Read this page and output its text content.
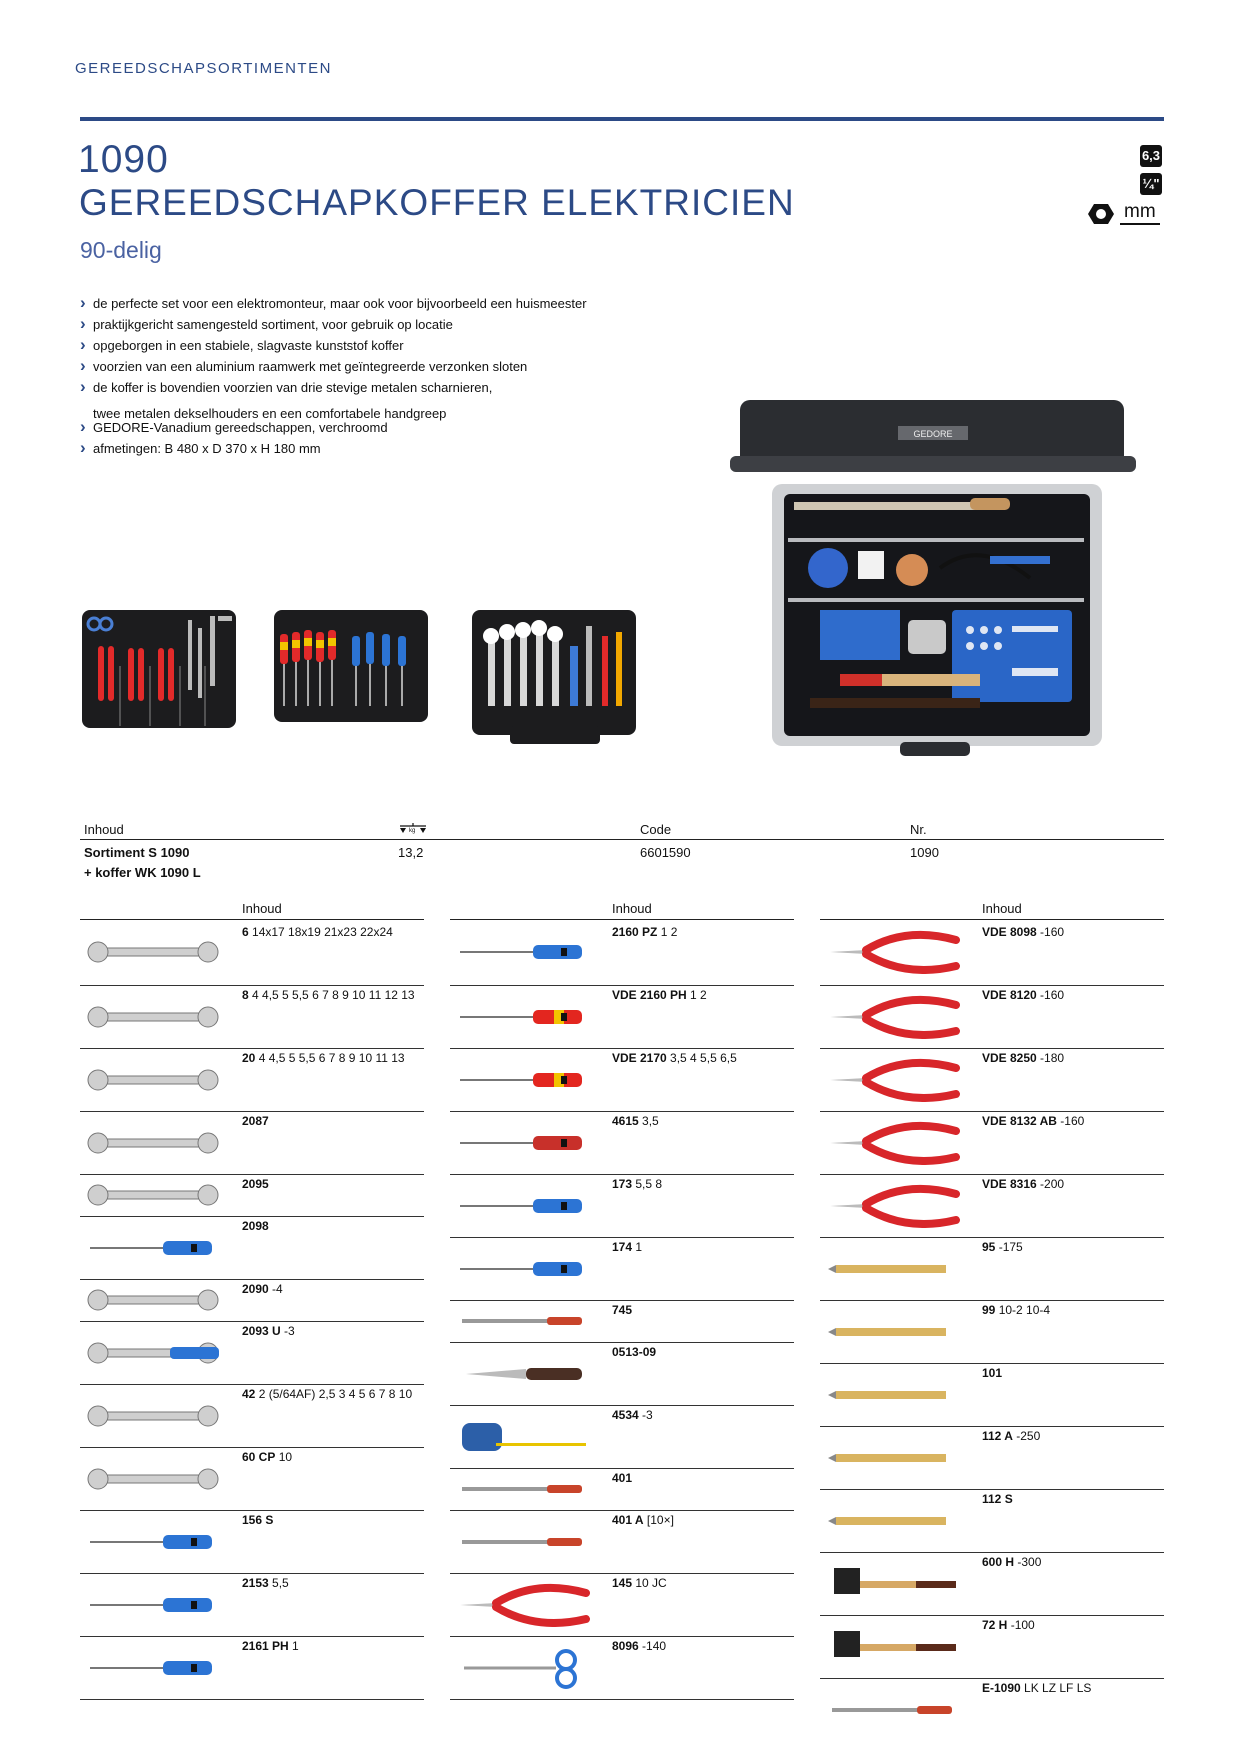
GEREEDSCHAPSORTIMENTEN
1090
GEREEDSCHAPKOFFER ELEKTRICIEN
90-delig
6,3
¼"
mm
› de perfecte set voor een elektromonteur, maar ook voor bijvoorbeeld een huismeester
› praktijkgericht samengesteld sortiment, voor gebruik op locatie
› opgeborgen in een stabiele, slagvaste kunststof koffer
› voorzien van een aluminium raamwerk met geïntegreerde verzonken sloten
› de koffer is bovendien voorzien van drie stevige metalen scharnieren,
twee metalen dekselhouders en een comfortabele handgreep
› GEDORE-Vanadium gereedschappen, verchroomd
› afmetingen: B 480 x D 370 x H 180 mm
GEDORE
Inhoud	kg	Code	Nr.
Sortiment S 1090
+ koffer WK 1090 L
13,2	6601590	1090
Inhoud
6 14x17 18x19 21x23 22x24
8 4 4,5 5 5,5 6 7 8 9 10 11 12 13
20 4 4,5 5 5,5 6 7 8 9 10 11 13
2087
2095
2098
2090 -4
2093 U -3
42 2 (5/64AF) 2,5 3 4 5 6 7 8 10
60 CP 10
156 S
2153 5,5
2161 PH 1
Inhoud
2160 PZ 1 2
VDE 2160 PH 1 2
VDE 2170 3,5 4 5,5 6,5
4615 3,5
173 5,5 8
174 1
745
0513-09
4534 -3
401
401 A [10×]
145 10 JC
8096 -140
Inhoud
VDE 8098 -160
VDE 8120 -160
VDE 8250 -180
VDE 8132 AB -160
VDE 8316 -200
95 -175
99 10-2 10-4
101
112 A -250
112 S
600 H -300
72 H -100
E-1090 LK LZ LF LS
